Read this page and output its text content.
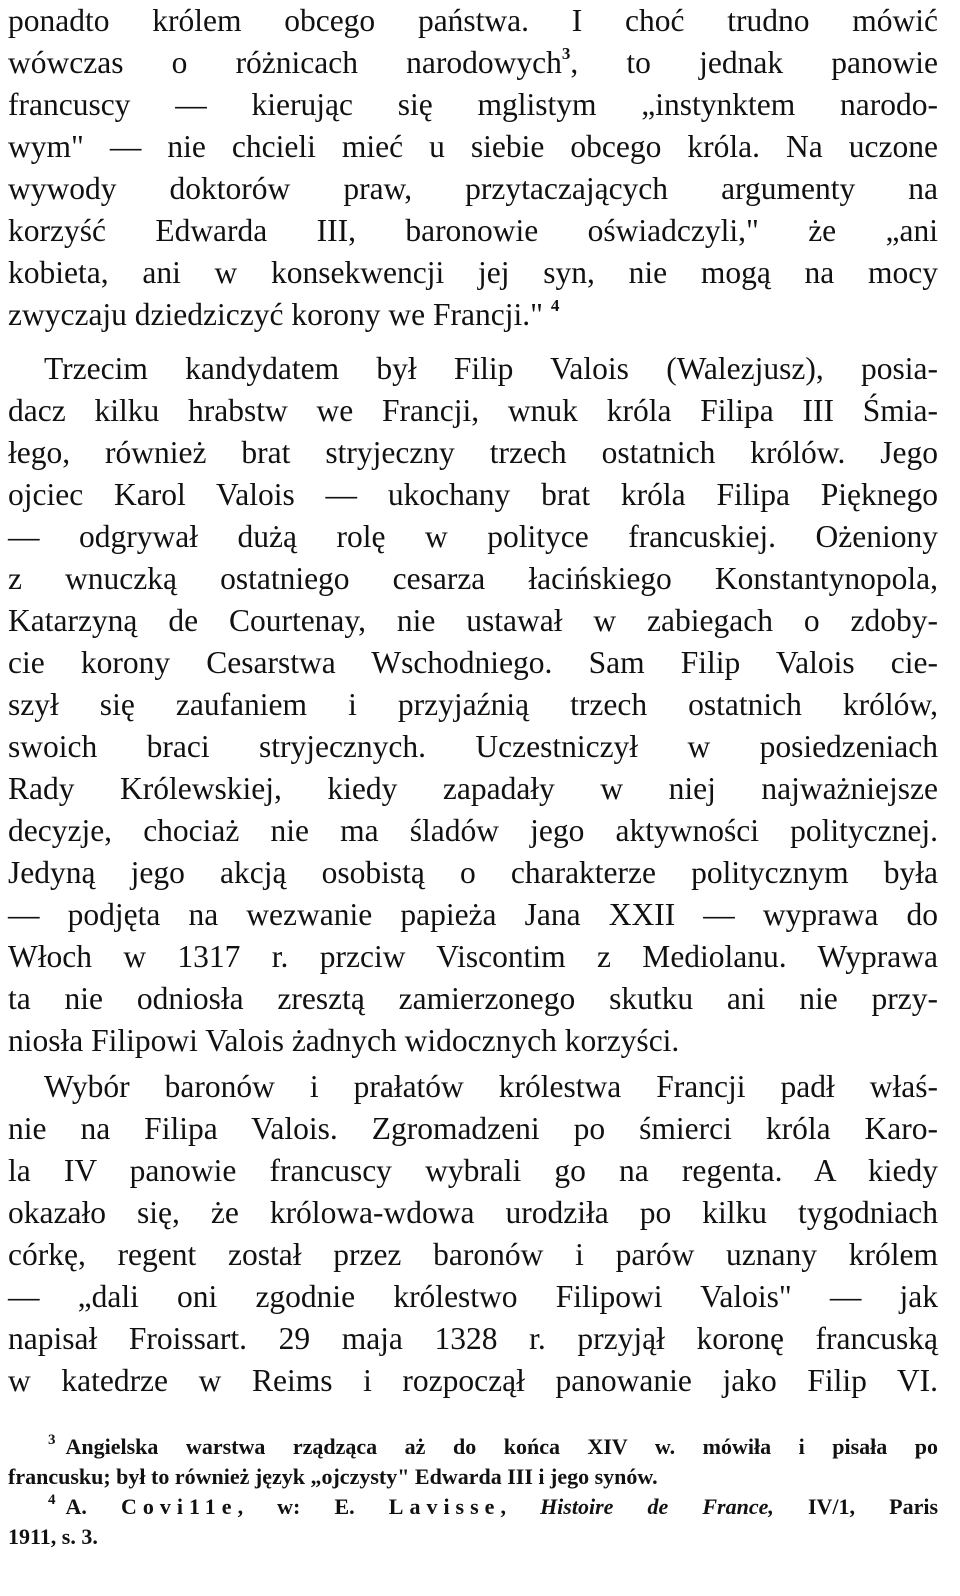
ponadto królem obcego państwa. I choć trudno mówić
wówczas o różnicach narodowych$^3$, to jednak panowie
francuscy — kierując się mglistym „instynktem narodo-
wym" — nie chcieli mieć u siebie obcego króla. Na uczone
wywody doktorów praw, przytaczających argumenty na
korzyść Edwarda III, baronowie oświadczyli," że „ani
kobieta, ani w konsekwencji jej syn, nie mogą na mocy
zwyczaju dziedziczyć korony we Francji." $^4$
Trzecim kandydatem był Filip Valois (Walezjusz), posia-
dacz kilku hrabstw we Francji, wnuk króla Filipa III Śmia-
łego, również brat stryjeczny trzech ostatnich królów. Jego
ojciec Karol Valois — ukochany brat króla Filipa Pięknego
— odgrywał dużą rolę w polityce francuskiej. Ożeniony
z wnuczką ostatniego cesarza łacińskiego Konstantynopola,
Katarzyną de Courtenay, nie ustawał w zabiegach o zdoby-
cie korony Cesarstwa Wschodniego. Sam Filip Valois cie-
szył się zaufaniem i przyjaźnią trzech ostatnich królów,
swoich braci stryjecznych. Uczestniczył w posiedzeniach
Rady Królewskiej, kiedy zapadały w niej najważniejsze
decyzje, chociaż nie ma śladów jego aktywności politycznej.
Jedyną jego akcją osobistą o charakterze politycznym była
— podjęta na wezwanie papieża Jana XXII — wyprawa do
Włoch w 1317 r. przciw Viscontim z Mediolanu. Wyprawa
ta nie odniosła zresztą zamierzonego skutku ani nie przy-
niosła Filipowi Valois żadnych widocznych korzyści.
Wybór baronów i prałatów królestwa Francji padł właś-
nie na Filipa Valois. Zgromadzeni po śmierci króla Karo-
la IV panowie francuscy wybrali go na regenta. A kiedy
okazało się, że królowa-wdowa urodziła po kilku tygodniach
córkę, regent został przez baronów i parów uznany królem
— „dali oni zgodnie królestwo Filipowi Valois" — jak
napisał Froissart. 29 maja 1328 r. przyjął koronę francuską
w katedrze w Reims i rozpoczął panowanie jako Filip VI.
$^3$ Angielska warstwa rządząca aż do końca XIV w. mówiła i pisała po
francusku; był to również język „ojczysty" Edwarda III i jego synów.
$^4$ A. Covi11e, w: E. Lavisse, Histoire de France, IV/1, Paris
1911, s. 3.
